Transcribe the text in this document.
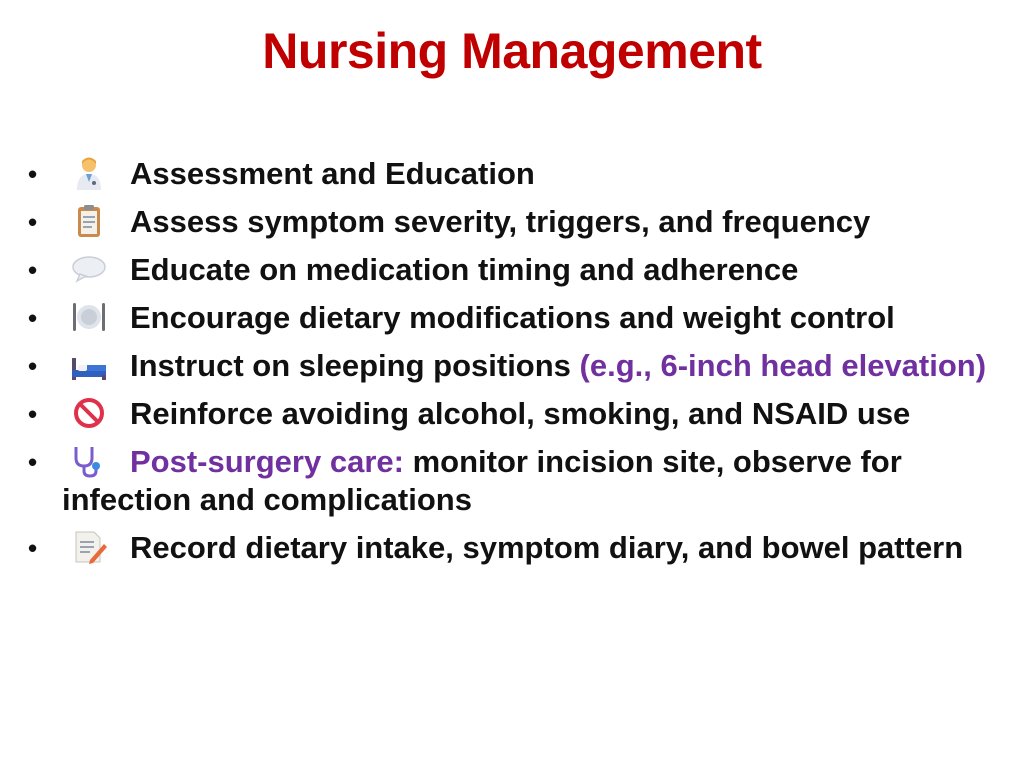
Nursing Management
•	Assessment and Education
•	Assess symptom severity, triggers, and frequency
•	Educate on medication timing and adherence
•	Encourage dietary modifications and weight control
•	Instruct on sleeping positions (e.g., 6-inch head elevation)
•	Reinforce avoiding alcohol, smoking, and NSAID use
•	Post-surgery care: monitor incision site, observe for infection and complications
•	Record dietary intake, symptom diary, and bowel pattern
